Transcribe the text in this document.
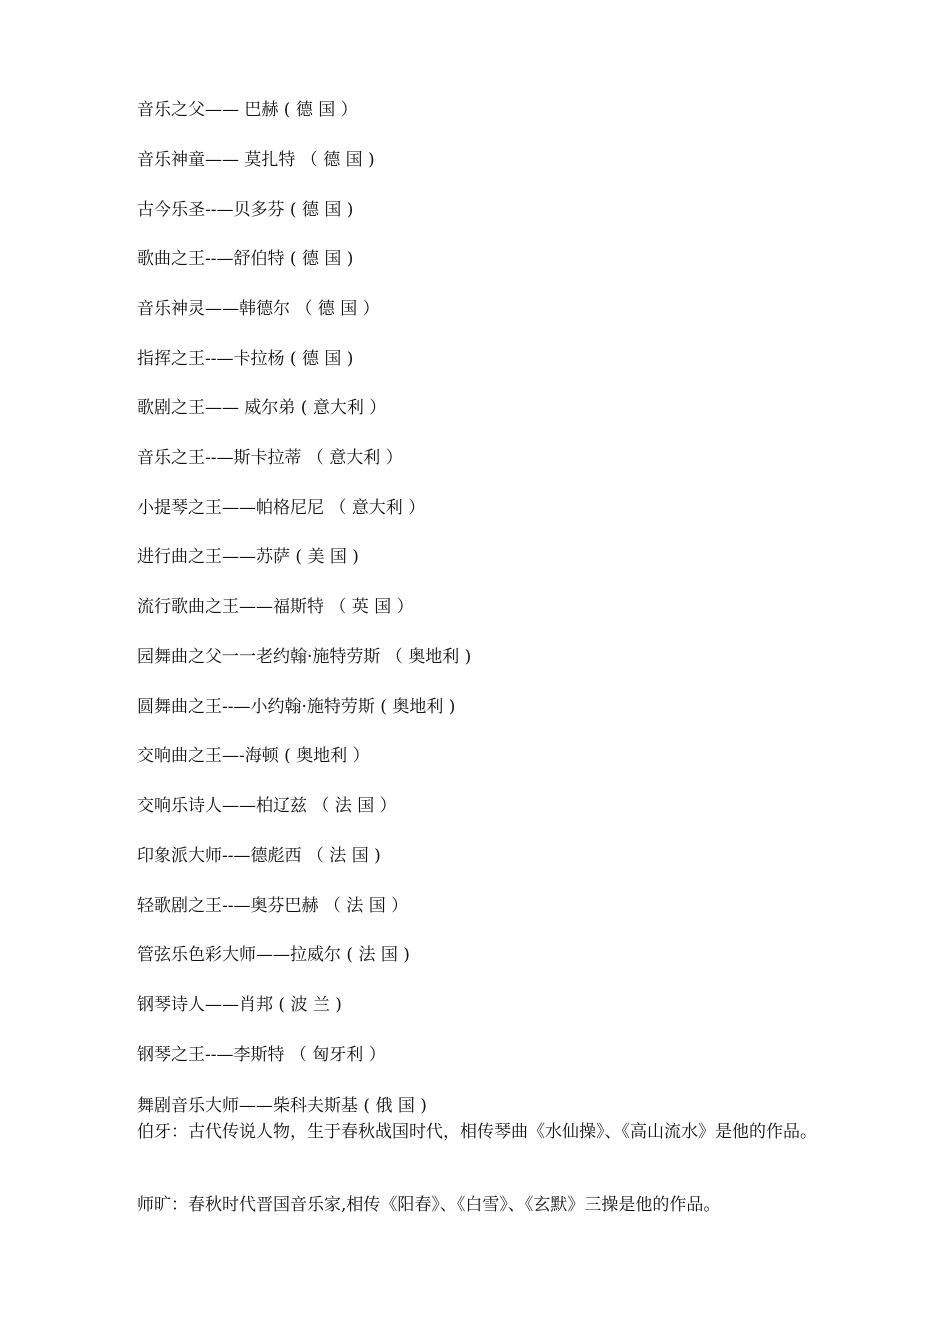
音乐之父—— 巴赫 ( 德 国 ）
音乐神童—— 莫扎特 （ 德 国 )
古今乐圣--—贝多芬 ( 德 国 )
歌曲之王--—舒伯特 ( 德 国 )
音乐神灵——韩德尔 （ 德 国 ）
指挥之王--—卡拉杨 ( 德 国 )
歌剧之王—— 威尔弟 ( 意大利 ）
音乐之王--—斯卡拉蒂 （ 意大利 ）
小提琴之王——帕格尼尼 （ 意大利 ）
进行曲之王——苏萨 ( 美 国 )
流行歌曲之王——福斯特 （ 英 国 ）
园舞曲之父一一老约翰·施特劳斯 （ 奥地利 )
圆舞曲之王--—小约翰·施特劳斯 ( 奥地利 )
交响曲之王—-海顿 ( 奥地利 ）
交响乐诗人——柏辽兹 （ 法 国 ）
印象派大师--—德彪西 （ 法 国 )
轻歌剧之王--—奥芬巴赫 （ 法 国 ）
管弦乐色彩大师——拉威尔 ( 法 国 )
钢琴诗人——肖邦 ( 波 兰 )
钢琴之王--—李斯特 （ 匈牙利 ）
舞剧音乐大师——柴科夫斯基 ( 俄 国 )
伯牙：古代传说人物，生于春秋战国时代，相传琴曲《水仙操》、《高山流水》是他的作品。
师旷：春秋时代晋国音乐家,相传《阳春》、《白雪》、《玄默》三操是他的作品。
